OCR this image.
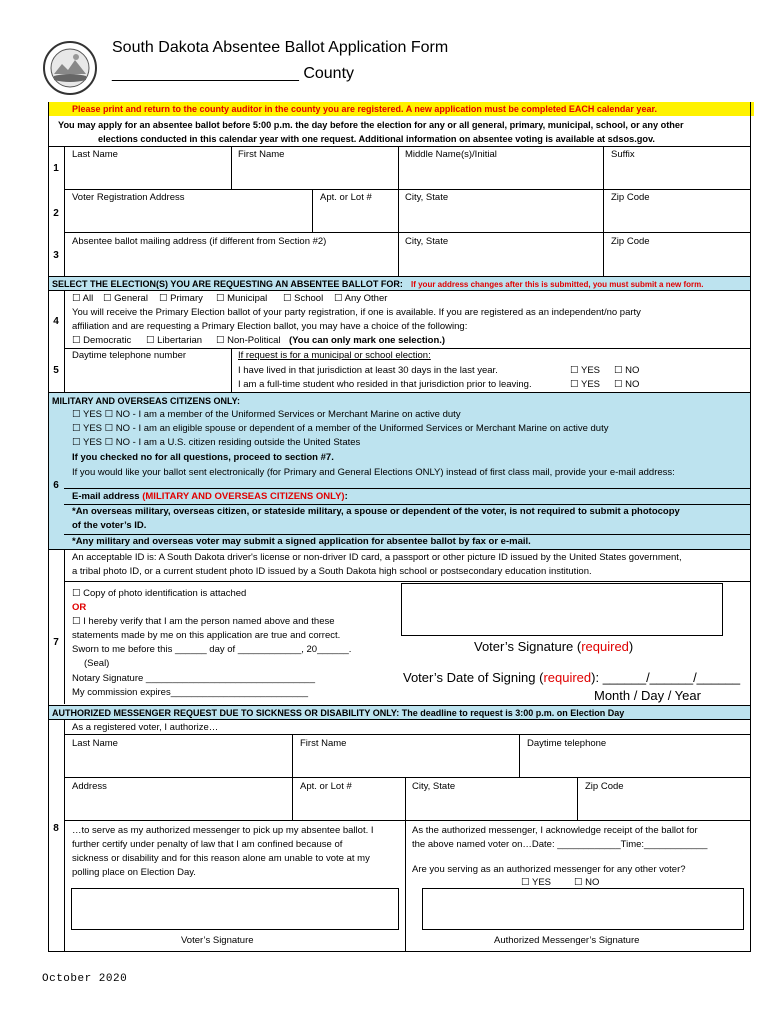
South Dakota Absentee Ballot Application Form
_____________________ County
Please print and return to the county auditor in the county you are registered. A new application must be completed EACH calendar year.
You may apply for an absentee ballot before 5:00 p.m. the day before the election for any or all general, primary, municipal, school, or any other
elections conducted in this calendar year with one request. Additional information on absentee voting is available at sdsos.gov.
1
Last Name	First Name	Middle Name(s)/Initial	Suffix
2
Voter Registration Address	Apt. or Lot #	City, State	Zip Code
3
Absentee ballot mailing address (if different from Section #2)	City, State	Zip Code
SELECT THE ELECTION(S) YOU ARE REQUESTING AN ABSENTEE BALLOT FOR: If your address changes after this is submitted, you must submit a new form.
4
☐ All ☐ General ☐ Primary ☐ Municipal ☐ School ☐ Any Other
You will receive the Primary Election ballot of your party registration, if one is available. If you are registered as an independent/no party
affiliation and are requesting a Primary Election ballot, you may have a choice of the following:
☐ Democratic ☐ Libertarian ☐ Non-Political (You can only mark one selection.)
5
Daytime telephone number	If request is for a municipal or school election:
I have lived in that jurisdiction at least 30 days in the last year.	☐ YES ☐ NO
I am a full-time student who resided in that jurisdiction prior to leaving.	☐ YES ☐ NO
MILITARY AND OVERSEAS CITIZENS ONLY:
6
☐ YES ☐ NO - I am a member of the Uniformed Services or Merchant Marine on active duty
☐ YES ☐ NO - I am an eligible spouse or dependent of a member of the Uniformed Services or Merchant Marine on active duty
☐ YES ☐ NO - I am a U.S. citizen residing outside the United States
If you checked no for all questions, proceed to section #7.
If you would like your ballot sent electronically (for Primary and General Elections ONLY) instead of first class mail, provide your e-mail address:
E-mail address (MILITARY AND OVERSEAS CITIZENS ONLY):
*An overseas military, overseas citizen, or stateside military, a spouse or dependent of the voter, is not required to submit a photocopy
of the voter’s ID.
*Any military and overseas voter may submit a signed application for absentee ballot by fax or e-mail.
7
An acceptable ID is: A South Dakota driver's license or non-driver ID card, a passport or other picture ID issued by the United States government,
a tribal photo ID, or a current student photo ID issued by a South Dakota high school or postsecondary education institution.
☐ Copy of photo identification is attached
OR
☐ I hereby verify that I am the person named above and these
statements made by me on this application are true and correct.
Sworn to me before this ______ day of ____________, 20______.
(Seal)
Notary Signature ________________________________
My commission expires__________________________
Voter’s Signature (required)
Voter’s Date of Signing (required): ______/______/______
Month / Day / Year
AUTHORIZED MESSENGER REQUEST DUE TO SICKNESS OR DISABILITY ONLY: The deadline to request is 3:00 p.m. on Election Day
8
As a registered voter, I authorize…
Last Name	First Name	Daytime telephone
Address	Apt. or Lot #	City, State	Zip Code
…to serve as my authorized messenger to pick up my absentee ballot. I
further certify under penalty of law that I am confined because of
sickness or disability and for this reason alone am unable to vote at my
polling place on Election Day.
As the authorized messenger, I acknowledge receipt of the ballot for
the above named voter on…Date: ____________Time:____________
Are you serving as an authorized messenger for any other voter?
☐ YES ☐ NO
Voter’s Signature	Authorized Messenger’s Signature
October 2020
